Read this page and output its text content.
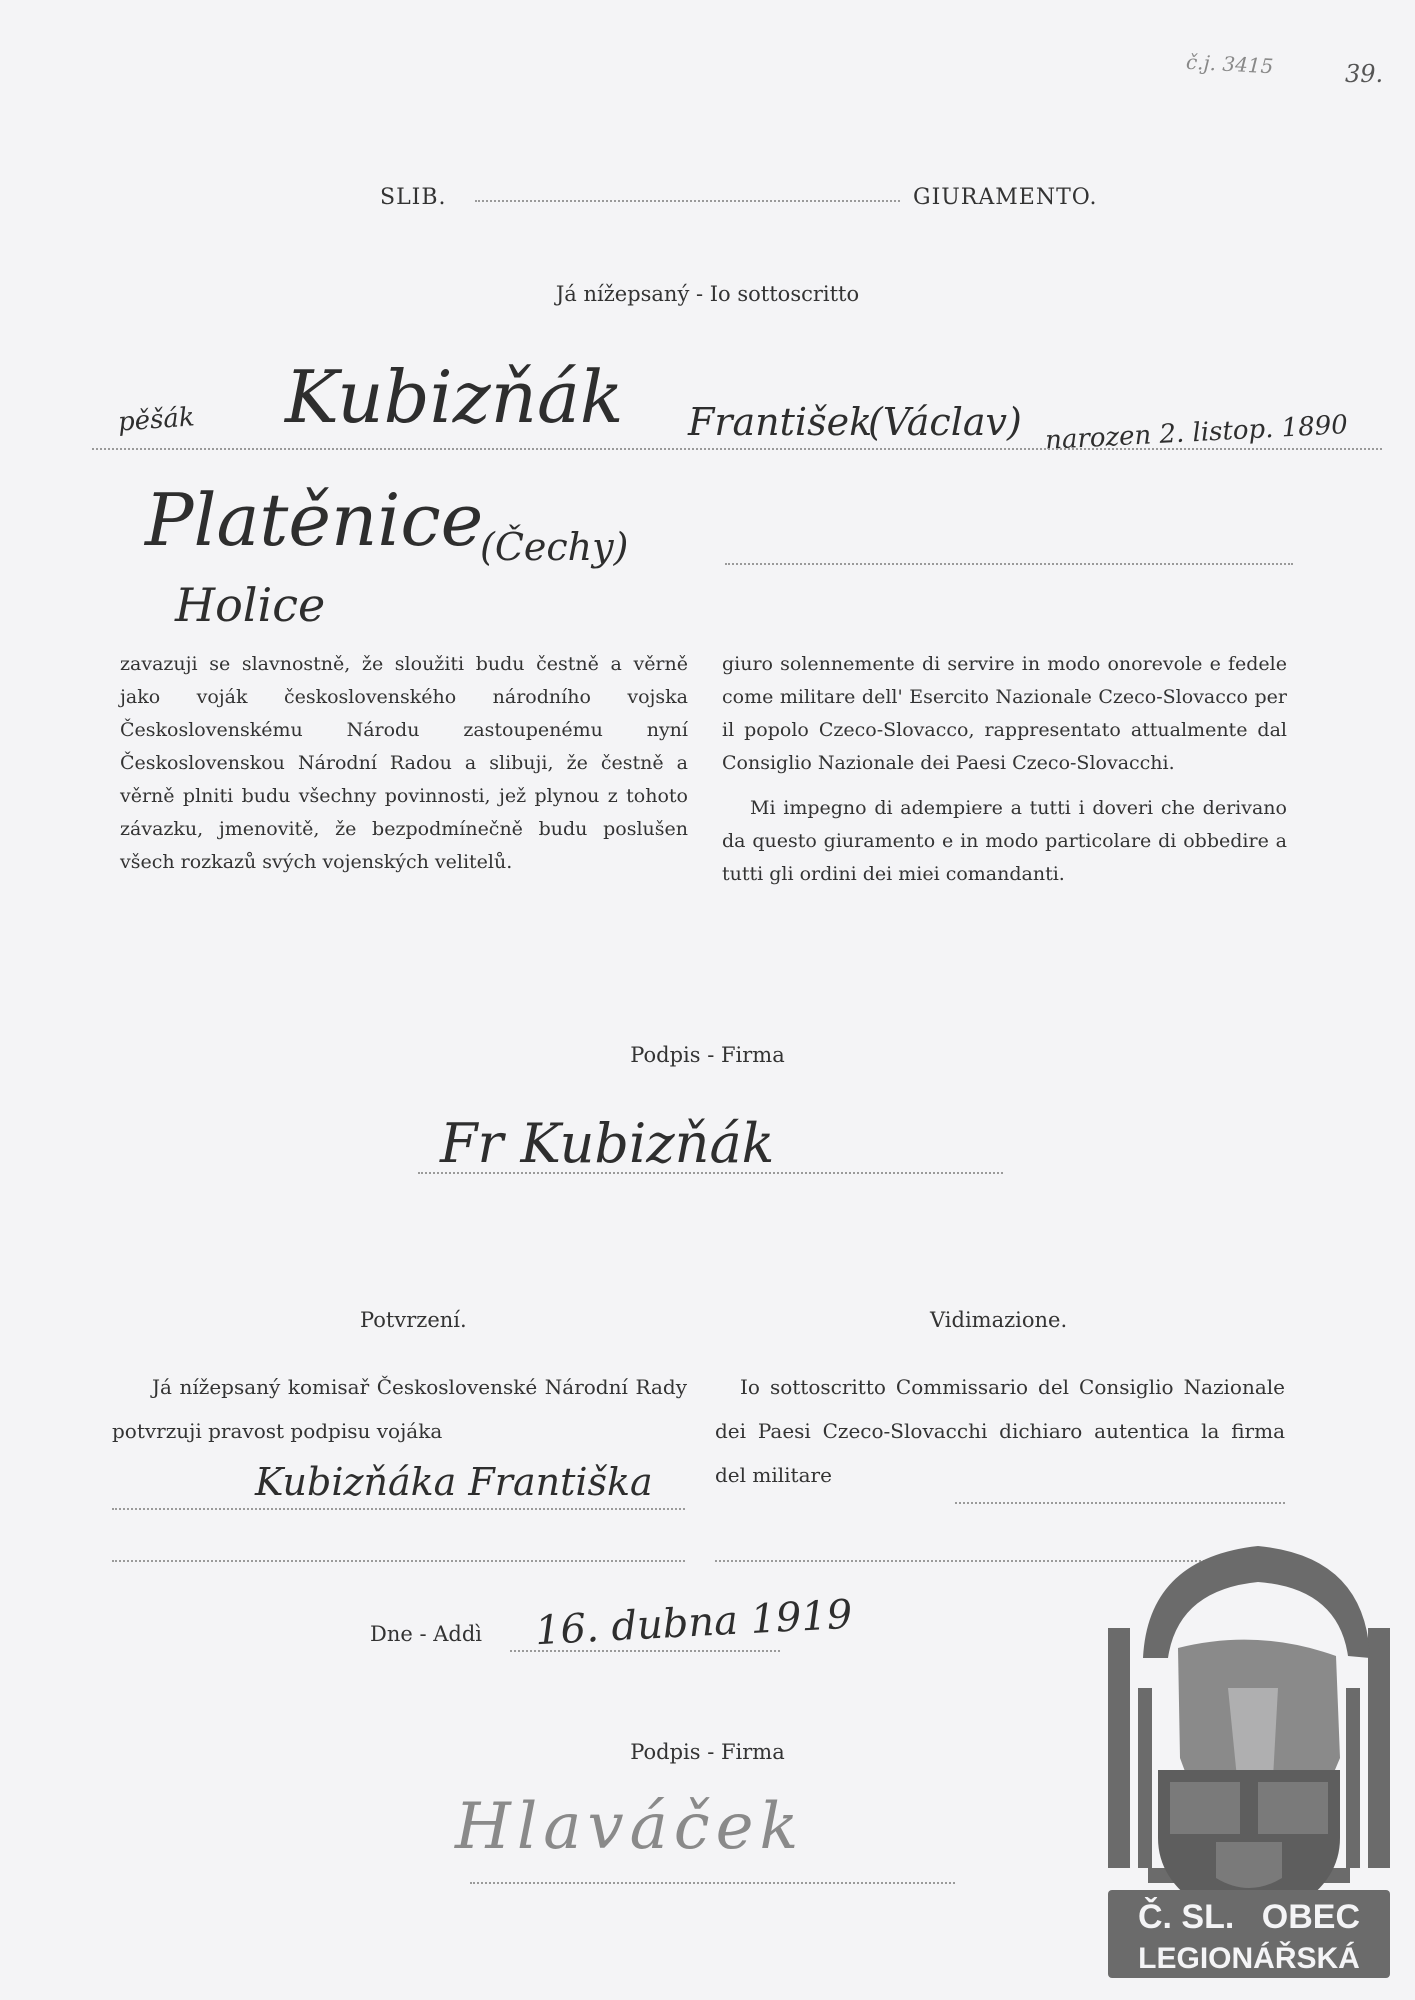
č.j. 3415	39.
SLIB.	GIURAMENTO.
Já nížepsaný - Io sottoscritto
pěšák Kubizňák František
(Václav) narozen 2. listop. 1890
Platěnice
(Čechy)
Holice

zavazuji se slavnostně, že sloužiti budu čestně a věrně jako voják československého národního vojska Československému Národu zastoupenému nyní Československou Národní Radou a slibuji, že čestně a věrně plniti budu všechny povinnosti, jež plynou z tohoto závazku, jmenovitě, že bezpodmínečně budu poslušen všech rozkazů svých vojenských velitelů.

giuro solennemente di servire in modo onorevole e fedele come militare dell' Esercito Nazionale Czeco-Slovacco per il popolo Czeco-Slovacco, rappresentato attualmente dal Consiglio Nazionale dei Paesi Czeco-Slovacchi.

Mi impegno di adempiere a tutti i doveri che derivano da questo giuramento e in modo particolare di obbedire a tutti gli ordini dei miei comandanti.

Podpis - Firma
Fr Kubizňák
Potvrzení.	Vidimazione.
Já nížepsaný komisař Československé Národní Rady potvrzuji pravost podpisu vojáka
Io sottoscritto Commissario del Consiglio Nazionale dei Paesi Czeco-Slovacchi dichiaro autentica la firma del militare
Kubizňáka Františka
Dne - Addì 16. dubna 1919
Podpis - Firma
Hlaváček
Č. SL. OBEC
LEGIONÁŘSKÁ
